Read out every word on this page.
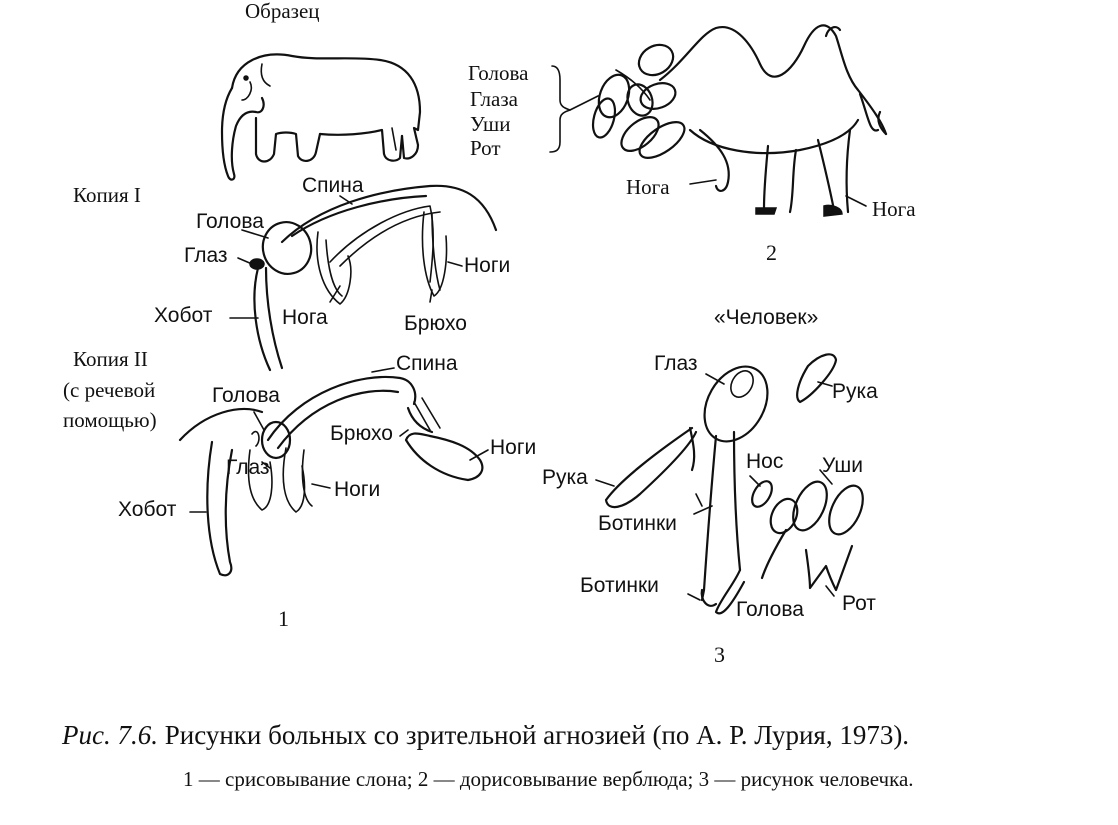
Образец
Копия I	Спина
Голова
Глаз
Хобот	Нога	Брюхо
Ноги
Копия II
(с речевой
помощью)
Спина
Голова
Глаз
Хобот
Брюхо
Ноги
Ноги
1
Голова
Глаза
Уши
Рот
Нога
Нога
2
«Человек»
Глаз
Рука
Рука
Нос Уши
Ботинки
Ботинки
Голова Рот
3
Рис. 7.6. Рисунки больных со зрительной агнозией (по А. Р. Лурия, 1973).
1 — срисовывание слона; 2 — дорисовывание верблюда; 3 — рисунок человечка.
